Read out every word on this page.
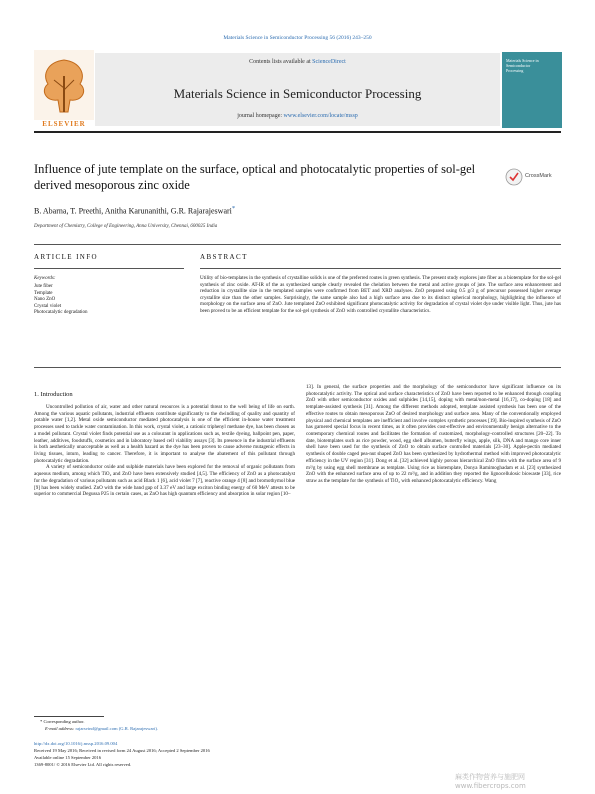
Materials Science in Semiconductor Processing 56 (2016) 243–250
ELSEVIER
Contents lists available at ScienceDirect
Materials Science in Semiconductor Processing
journal homepage: www.elsevier.com/locate/mssp
Materials Science in
Semiconductor
Processing
Influence of jute template on the surface, optical and photocatalytic properties of sol-gel derived mesoporous zinc oxide
CrossMark
B. Abarna, T. Preethi, Anitha Karunanithi, G.R. Rajarajeswari*
Department of Chemistry, College of Engineering, Anna University, Chennai, 600025 India
ARTICLE INFO	ABSTRACT
Keywords:
Jute fiber
Template
Nano ZnO
Crystal violet
Photocatalytic degradation
Utility of bio-templates in the synthesis of crystalline solids is one of the preferred routes in green synthesis. The present study explores jute fiber as a biotemplate for the sol-gel synthesis of zinc oxide. AT-IR of the as synthesized sample clearly revealed the chelation between the metal and active groups of jute. The surface area enhancement and reduction in crystallite size in the templated samples were confirmed from BET and XRD analyses. ZnO prepared using 0.5 g/3 g of precursor possessed higher average crystallite size than the other samples. Surprisingly, the same sample also had a high surface area due to its distinct spherical morphology, highlighting the influence of morphology on the surface area of ZnO. Jute templated ZnO exhibited significant photocatalytic activity for degradation of crystal violet dye under visible light. Thus, jute has been proved to be an efficient template for the sol-gel synthesis of ZnO with controlled crystallite characteristics.
1. Introduction

Uncontrolled pollution of air, water and other natural resources is a potential threat to the well being of life on earth. Among the various aquatic pollutants, industrial effluents contribute significantly to the dwindling of quality and quantity of potable water [1,2]. Metal oxide semiconductor mediated photocatalysis is one of the efficient in-house water treatment processes used to tackle water contamination. In this work, crystal violet, a cationic triphenyl methane dye, has been chosen as a model pollutant. Crystal violet finds potential use as a colourant in applications such as, textile dyeing, ballpoint pen, paper, leather, additives, foodstuffs, cosmetics and in laboratory based cell viability assays [3]. Its presence in the industrial effluents is both aesthetically unacceptable as well as a health hazard as the dye has been proven to cause adverse mutagenic effects in living tissues, inturn, leading to cancer. Therefore, it is important to analyse the abatement of this pollutant through photocatalytic degradation.

A variety of semiconductor oxide and sulphide materials have been explored for the removal of organic pollutants from aqueous medium, among which TiO₂ and ZnO have been extensively studied [4,5]. The efficiency of ZnO as a photocatalyst for the degradation of various pollutants such as acid Black 1 [6], acid violet 7 [7], reactive orange 4 [8] and bromothymol blue [9] has been widely studied. ZnO with the wide band gap of 3.37 eV and large exciton binding energy of 60 MeV attests to be superior to commercial Degussa P25 in certain cases, as ZnO has high quantum efficiency and absorption in solar region [10–

13]. In general, the surface properties and the morphology of the semiconductor have significant influence on its photocatalytic activity. The optical and surface characteristics of ZnO have been reported to be enhanced through coupling ZnO with other semiconductor oxides and sulphides [14,15], doping with metal/non-metal [16,17], co-doping [18] and template-assisted synthesis [31]. Among the different methods adopted, template assisted synthesis has been one of the effective routes to obtain mesoporous ZnO of desired morphology and surface area. Many of the conventionally employed physical and chemical templates are inefficient and involve complex synthetic processes [19]. Bio-inspired synthesis of ZnO has garnered special focus in recent times, as it often provides cost-effective and environmentally benign alternative to the contemporary chemical routes and facilitates the formation of customized, morphology-controlled structures [20–22]. To date, biotemplates such as rice powder, wood, egg shell albumen, butterfly wings, apple, silk, DNA and mango core inner shell have been used for the synthesis of ZnO to obtain surface controlled materials [23–30]. Apple-pectin mediated synthesis of double caged pea-nut shaped ZnO has been synthesized by hydrothermal method with improved photocatalytic efficiency in the UV region [31]. Dong et al. [32] achieved highly porous hierarchical ZnO films with the surface area of 9 m²/g by using egg shell membrane as template. Using rice as biotemplate, Donya Ramimoghadam et al. [23] synthesized ZnO with the enhanced surface area of up to 22 m²/g, and in addition they reported the lignocellulosic biowaste [33], rice straw as the template for the synthesis of TiO₂ with enhanced photocatalytic efficiency. Wang

* Corresponding author.
E-mail address: rajarsvind@gmail.com (G.R. Rajarajeswari).
http://dx.doi.org/10.1016/j.mssp.2016.09.004
Received 19 May 2016; Received in revised form 24 August 2016; Accepted 2 September 2016
Available online 15 September 2016
1369-8001/ © 2016 Elsevier Ltd. All rights reserved.
麻类作物营养与施肥网 www.fibercrops.com
